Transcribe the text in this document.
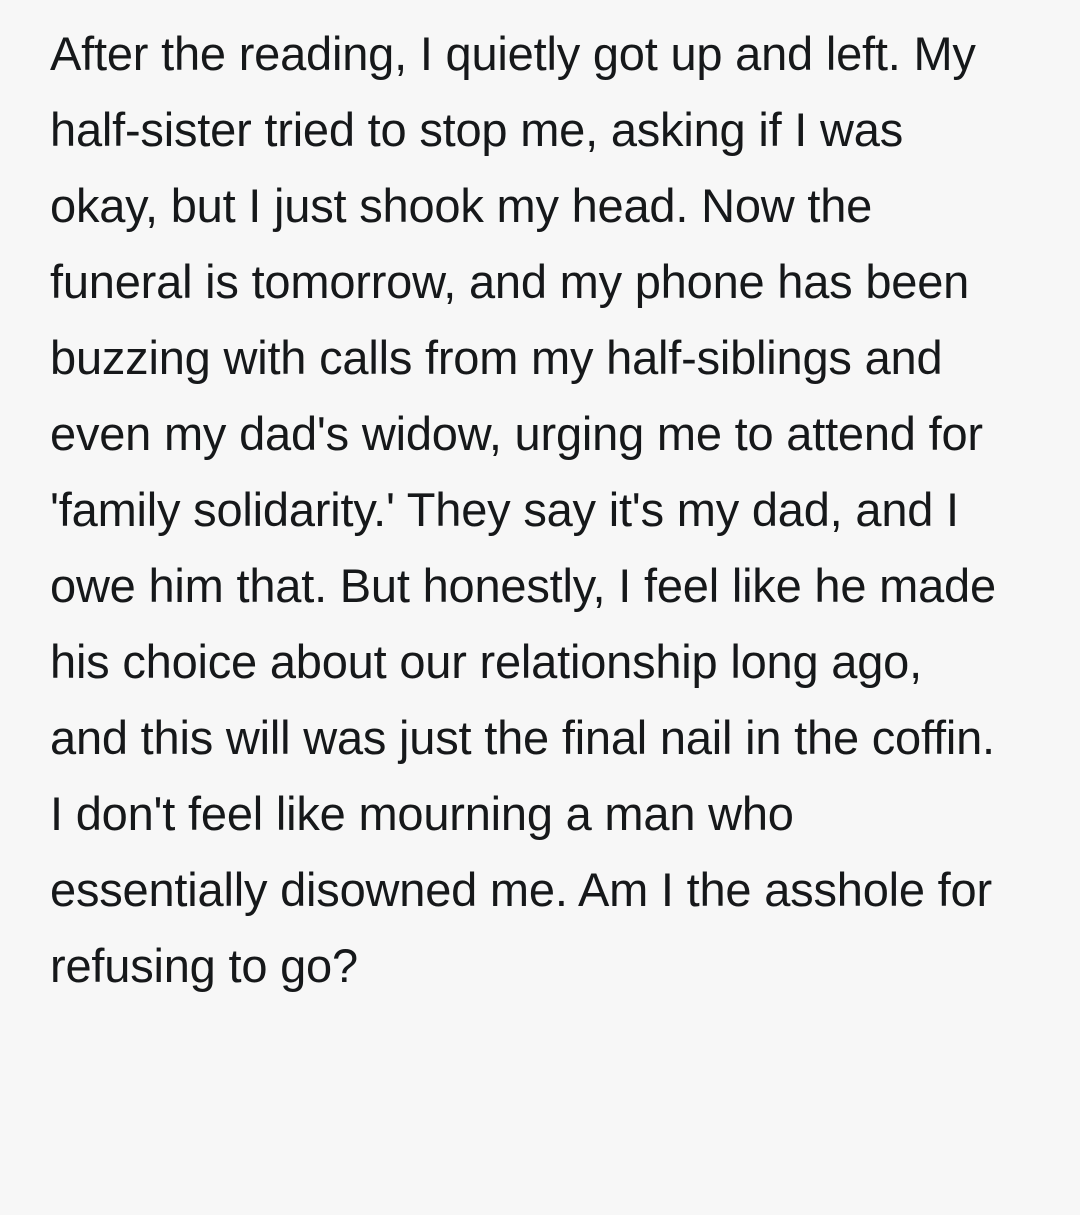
After the reading, I quietly got up and left. My half-sister tried to stop me, asking if I was okay, but I just shook my head. Now the funeral is tomorrow, and my phone has been buzzing with calls from my half-siblings and even my dad's widow, urging me to attend for 'family solidarity.' They say it's my dad, and I owe him that. But honestly, I feel like he made his choice about our relationship long ago, and this will was just the final nail in the coffin. I don't feel like mourning a man who essentially disowned me. Am I the asshole for refusing to go?
